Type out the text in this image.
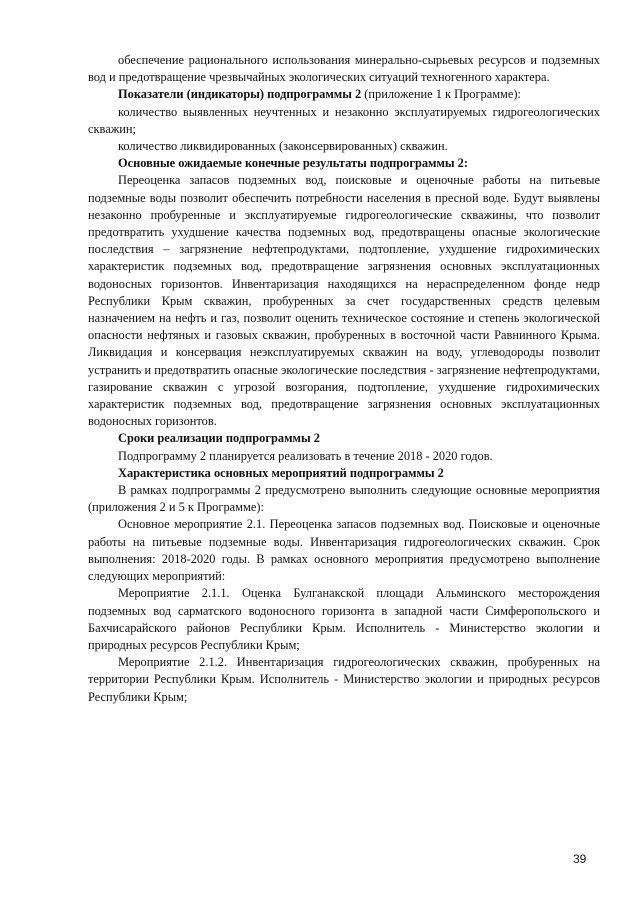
обеспечение рационального использования минерально-сырьевых ресурсов и подземных вод и предотвращение чрезвычайных экологических ситуаций техногенного характера.

Показатели (индикаторы) подпрограммы 2 (приложение 1 к Программе):

количество выявленных неучтенных и незаконно эксплуатируемых гидрогеологических скважин;

количество ликвидированных (законсервированных) скважин.

Основные ожидаемые конечные результаты подпрограммы 2:

Переоценка запасов подземных вод, поисковые и оценочные работы на питьевые подземные воды позволит обеспечить потребности населения в пресной воде. Будут выявлены незаконно пробуренные и эксплуатируемые гидрогеологические скважины, что позволит предотвратить ухудшение качества подземных вод, предотвращены опасные экологические последствия – загрязнение нефтепродуктами, подтопление, ухудшение гидрохимических характеристик подземных вод, предотвращение загрязнения основных эксплуатационных водоносных горизонтов. Инвентаризация находящихся на нераспределенном фонде недр Республики Крым скважин, пробуренных за счет государственных средств целевым назначением на нефть и газ, позволит оценить техническое состояние и степень экологической опасности нефтяных и газовых скважин, пробуренных в восточной части Равнинного Крыма. Ликвидация и консервация неэксплуатируемых скважин на воду, углеводороды позволит устранить и предотвратить опасные экологические последствия - загрязнение нефтепродуктами, газирование скважин с угрозой возгорания, подтопление, ухудшение гидрохимических характеристик подземных вод, предотвращение загрязнения основных эксплуатационных водоносных горизонтов.

Сроки реализации подпрограммы 2

Подпрограмму 2 планируется реализовать в течение 2018 - 2020 годов.

Характеристика основных мероприятий подпрограммы 2

В рамках подпрограммы 2 предусмотрено выполнить следующие основные мероприятия (приложения 2 и 5 к Программе):

Основное мероприятие 2.1. Переоценка запасов подземных вод. Поисковые и оценочные работы на питьевые подземные воды. Инвентаризация гидрогеологических скважин. Срок выполнения: 2018-2020 годы. В рамках основного мероприятия предусмотрено выполнение следующих мероприятий:

Мероприятие 2.1.1. Оценка Булганакской площади Альминского месторождения подземных вод сарматского водоносного горизонта в западной части Симферопольского и Бахчисарайского районов Республики Крым. Исполнитель - Министерство экологии и природных ресурсов Республики Крым;

Мероприятие 2.1.2. Инвентаризация гидрогеологических скважин, пробуренных на территории Республики Крым. Исполнитель - Министерство экологии и природных ресурсов Республики Крым;

39
